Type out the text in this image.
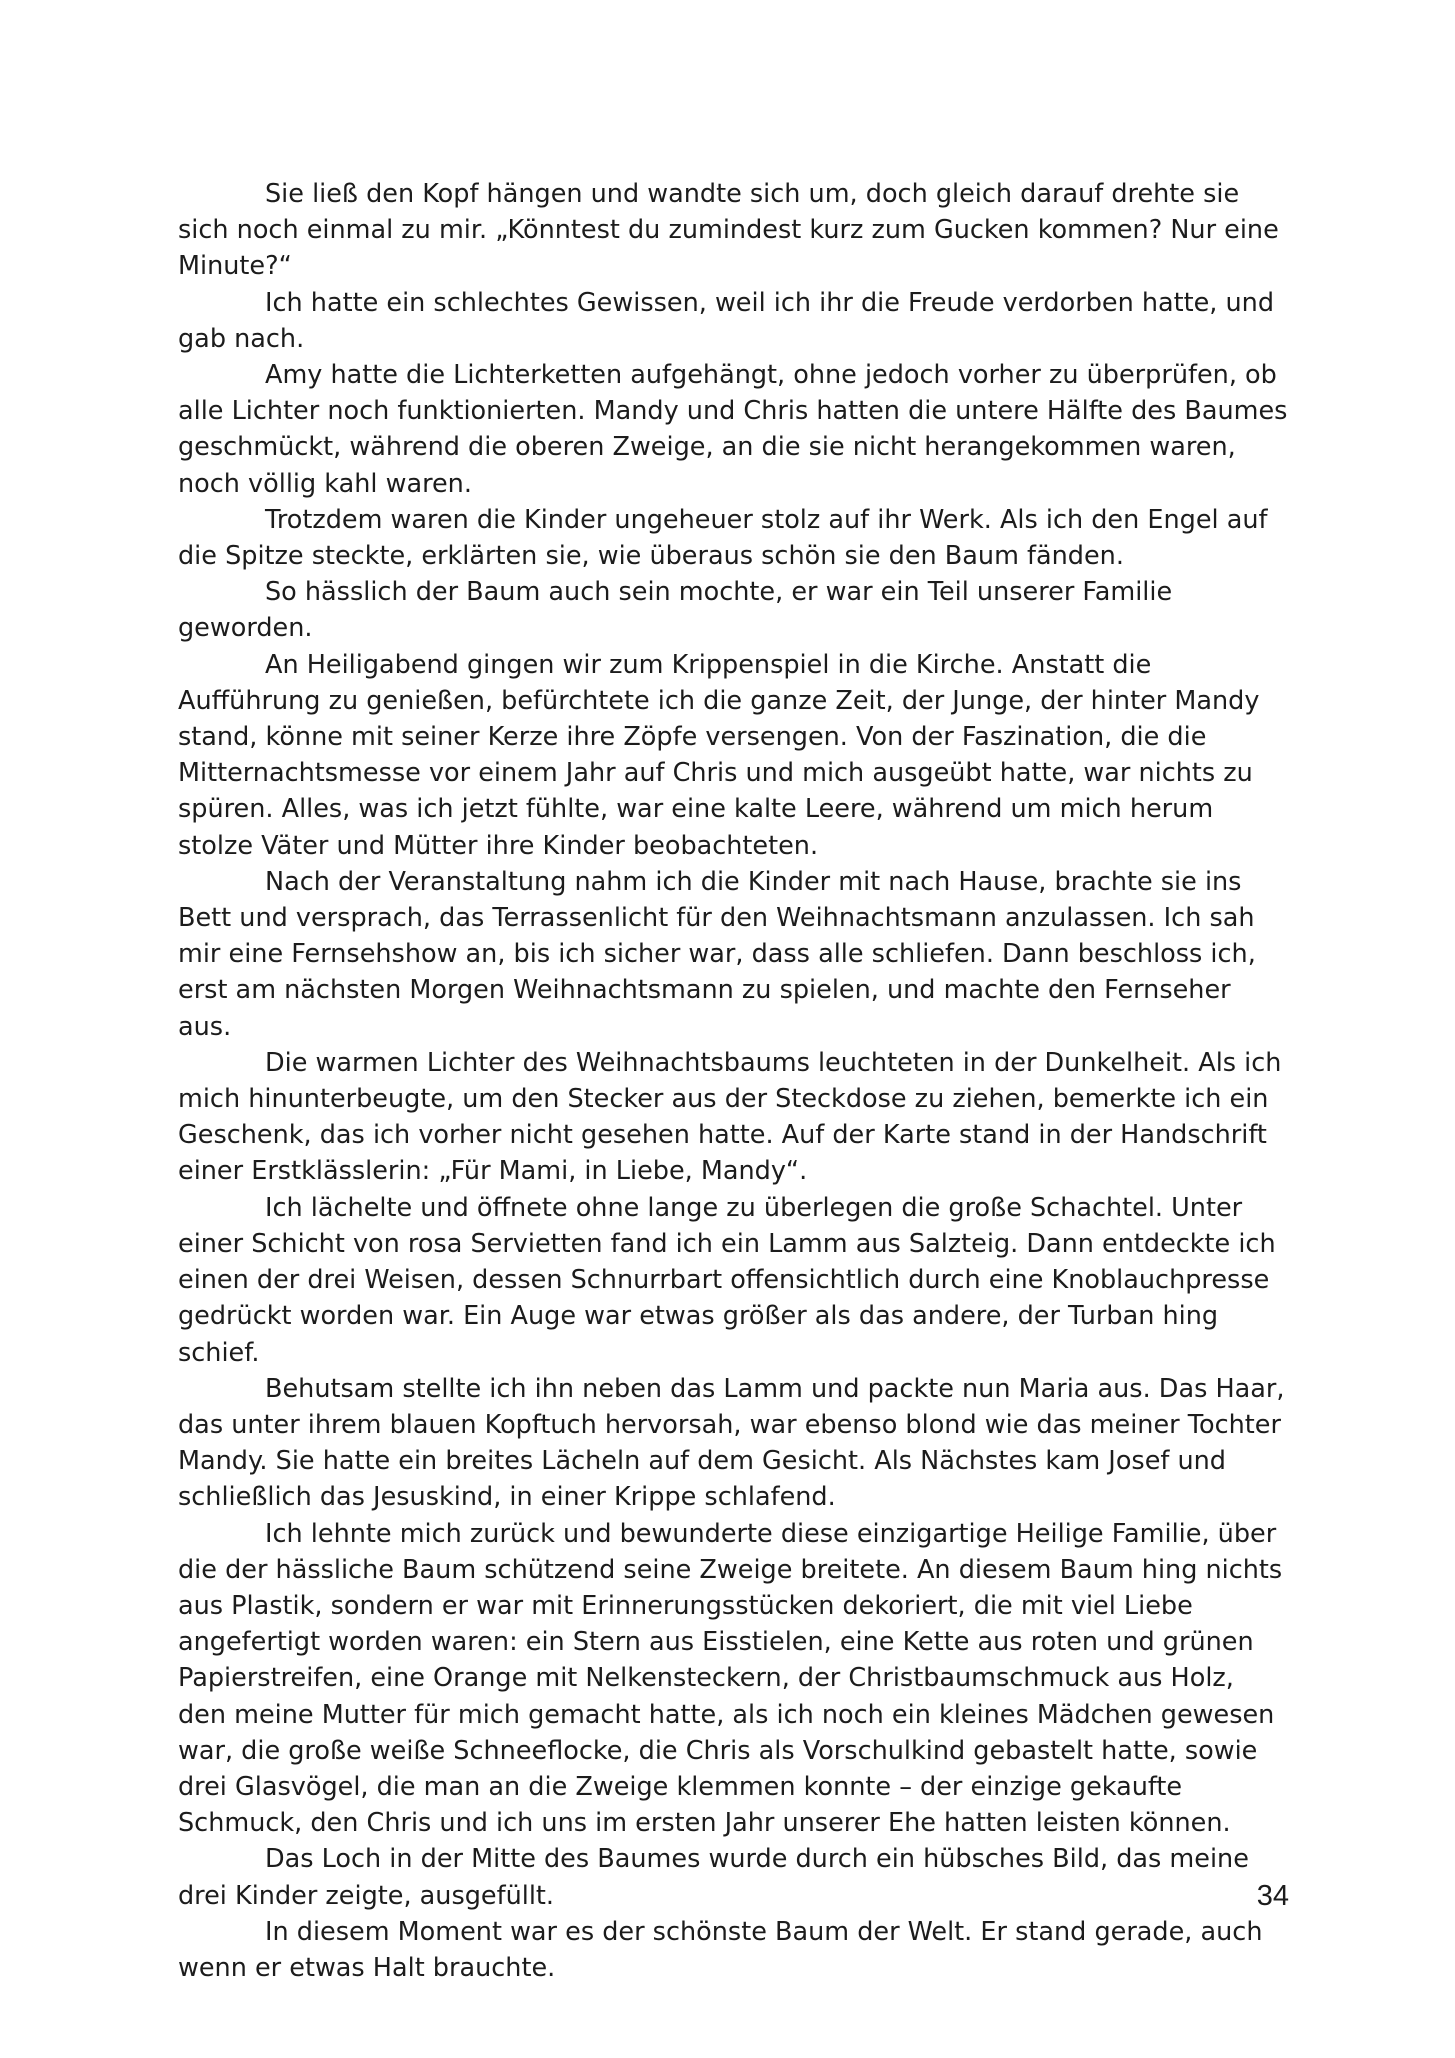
Sie ließ den Kopf hängen und wandte sich um, doch gleich darauf drehte sie sich noch einmal zu mir. „Könntest du zumindest kurz zum Gucken kommen? Nur eine Minute?“

Ich hatte ein schlechtes Gewissen, weil ich ihr die Freude verdorben hatte, und gab nach.

Amy hatte die Lichterketten aufgehängt, ohne jedoch vorher zu überprüfen, ob alle Lichter noch funktionierten. Mandy und Chris hatten die untere Hälfte des Baumes geschmückt, während die oberen Zweige, an die sie nicht herangekommen waren, noch völlig kahl waren.

Trotzdem waren die Kinder ungeheuer stolz auf ihr Werk. Als ich den Engel auf die Spitze steckte, erklärten sie, wie überaus schön sie den Baum fänden.

So hässlich der Baum auch sein mochte, er war ein Teil unserer Familie geworden.

An Heiligabend gingen wir zum Krippenspiel in die Kirche. Anstatt die Aufführung zu genießen, befürchtete ich die ganze Zeit, der Junge, der hinter Mandy stand, könne mit seiner Kerze ihre Zöpfe versengen. Von der Faszination, die die Mitternachtsmesse vor einem Jahr auf Chris und mich ausgeübt hatte, war nichts zu spüren. Alles, was ich jetzt fühlte, war eine kalte Leere, während um mich herum stolze Väter und Mütter ihre Kinder beobachteten.

Nach der Veranstaltung nahm ich die Kinder mit nach Hause, brachte sie ins Bett und versprach, das Terrassenlicht für den Weihnachtsmann anzulassen. Ich sah mir eine Fernsehshow an, bis ich sicher war, dass alle schliefen. Dann beschloss ich, erst am nächsten Morgen Weihnachtsmann zu spielen, und machte den Fernseher aus.

Die warmen Lichter des Weihnachtsbaums leuchteten in der Dunkelheit. Als ich mich hinunterbeugte, um den Stecker aus der Steckdose zu ziehen, bemerkte ich ein Geschenk, das ich vorher nicht gesehen hatte. Auf der Karte stand in der Handschrift einer Erstklässlerin: „Für Mami, in Liebe, Mandy“.

Ich lächelte und öffnete ohne lange zu überlegen die große Schachtel. Unter einer Schicht von rosa Servietten fand ich ein Lamm aus Salzteig. Dann entdeckte ich einen der drei Weisen, dessen Schnurrbart offensichtlich durch eine Knoblauchpresse gedrückt worden war. Ein Auge war etwas größer als das andere, der Turban hing schief.

Behutsam stellte ich ihn neben das Lamm und packte nun Maria aus. Das Haar, das unter ihrem blauen Kopftuch hervorsah, war ebenso blond wie das meiner Tochter Mandy. Sie hatte ein breites Lächeln auf dem Gesicht. Als Nächstes kam Josef und schließlich das Jesuskind, in einer Krippe schlafend.

Ich lehnte mich zurück und bewunderte diese einzigartige Heilige Familie, über die der hässliche Baum schützend seine Zweige breitete. An diesem Baum hing nichts aus Plastik, sondern er war mit Erinnerungsstücken dekoriert, die mit viel Liebe angefertigt worden waren: ein Stern aus Eisstielen, eine Kette aus roten und grünen Papierstreifen, eine Orange mit Nelkensteckern, der Christbaumschmuck aus Holz, den meine Mutter für mich gemacht hatte, als ich noch ein kleines Mädchen gewesen war, die große weiße Schneeflocke, die Chris als Vorschulkind gebastelt hatte, sowie drei Glasvögel, die man an die Zweige klemmen konnte – der einzige gekaufte Schmuck, den Chris und ich uns im ersten Jahr unserer Ehe hatten leisten können.

Das Loch in der Mitte des Baumes wurde durch ein hübsches Bild, das meine drei Kinder zeigte, ausgefüllt.

In diesem Moment war es der schönste Baum der Welt. Er stand gerade, auch wenn er etwas Halt brauchte.

34
